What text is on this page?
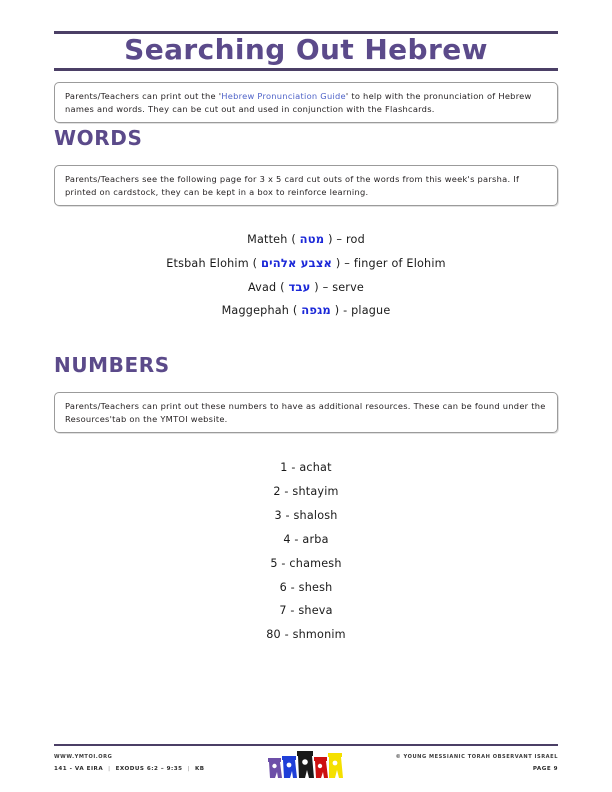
Searching Out Hebrew
Parents/Teachers can print out the 'Hebrew Pronunciation Guide' to help with the pronunciation of Hebrew names and words. They can be cut out and used in conjunction with the Flashcards.
WORDS
Parents/Teachers see the following page for 3 x 5 card cut outs of the words from this week's parsha. If printed on cardstock, they can be kept in a box to reinforce learning.
Matteh ( מטה ) – rod
Etsbah Elohim ( אצבע אלהים ) – finger of Elohim
Avad ( עבד ) – serve
Maggephah ( מגפה ) - plague
NUMBERS
Parents/Teachers can print out these numbers to have as additional resources. These can be found under the Resources'tab on the YMTOI website.
1 - achat
2 - shtayim
3 - shalosh
4 - arba
5 - chamesh
6 - shesh
7 - sheva
80 - shmonim
WWW.YMTOI.ORG
141 - VA EIRA | EXODUS 6:2 – 9:35 | KB
© YOUNG MESSIANIC TORAH OBSERVANT ISRAEL
PAGE 9
